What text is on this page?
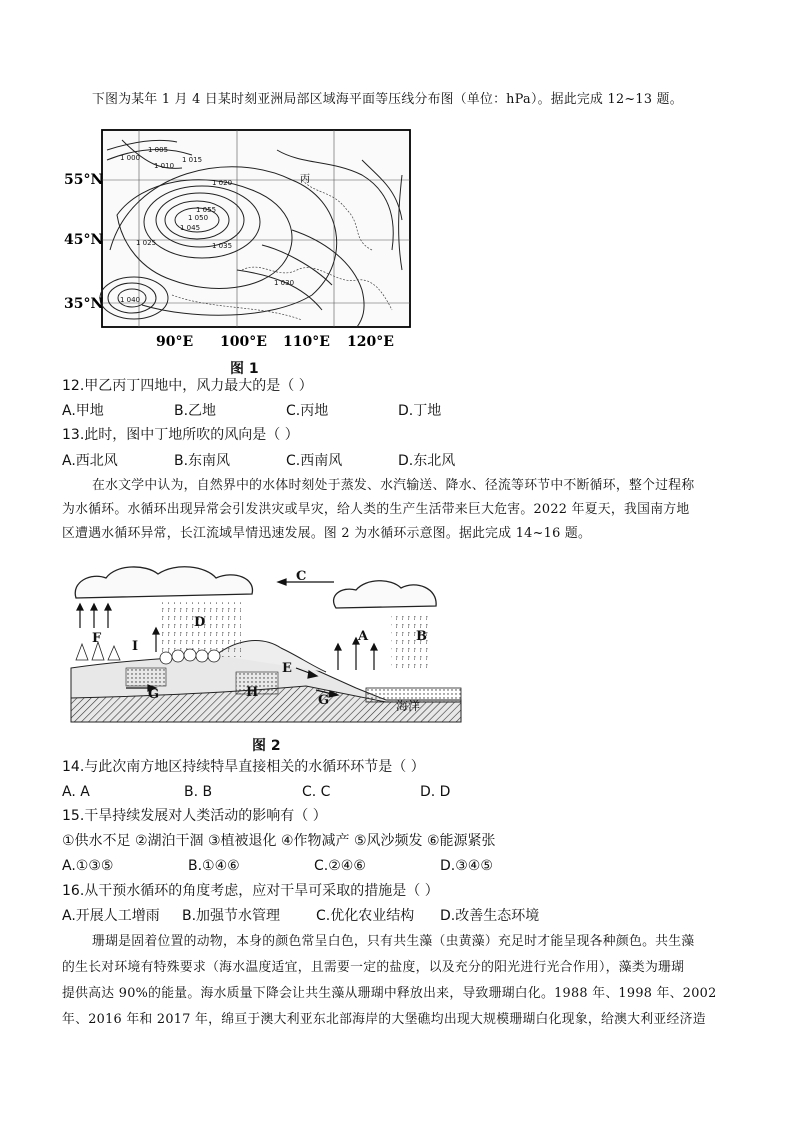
下图为某年 1 月 4 日某时刻亚洲局部区域海平面等压线分布图（单位：hPa）。据此完成 12~13 题。
1 000
1 005
1 010
1 015
1 020
1 025
1 030
1 035
1 040
1 045
1 050
1 055
丙
55°N
45°N
35°N
90°E 100°E 110°E 120°E
图 1
12.甲乙丙丁四地中，风力最大的是（ ）
A.甲地	B.乙地	C.丙地	D.丁地
13.此时，图中丁地所吹的风向是（ ）
A.西北风	B.东南风	C.西南风	D.东北风
在水文学中认为，自然界中的水体时刻处于蒸发、水汽输送、降水、径流等环节中不断循环，整个过程称
为水循环。水循环出现异常会引发洪灾或旱灾，给人类的生产生活带来巨大危害。2022 年夏天，我国南方地
区遭遇水循环异常，长江流域旱情迅速发展。图 2 为水循环示意图。据此完成 14~16 题。
A	B
C
D
E
F
G	H
I
G	海洋
图 2
14.与此次南方地区持续特旱直接相关的水循环环节是（ ）
A. A	B. B	C. C	D. D
15.干旱持续发展对人类活动的影响有（ ）
①供水不足 ②湖泊干涸 ③植被退化 ④作物减产 ⑤风沙频发 ⑥能源紧张
A.①③⑤	B.①④⑥	C.②④⑥	D.③④⑤
16.从干预水循环的角度考虑，应对干旱可采取的措施是（ ）
A.开展人工增雨 B.加强节水管理	C.优化农业结构 D.改善生态环境
珊瑚是固着位置的动物，本身的颜色常呈白色，只有共生藻（虫黄藻）充足时才能呈现各种颜色。共生藻
的生长对环境有特殊要求（海水温度适宜，且需要一定的盐度，以及充分的阳光进行光合作用），藻类为珊瑚
提供高达 90%的能量。海水质量下降会让共生藻从珊瑚中释放出来，导致珊瑚白化。1988 年、1998 年、2002
年、2016 年和 2017 年，绵亘于澳大利亚东北部海岸的大堡礁均出现大规模珊瑚白化现象，给澳大利亚经济造
